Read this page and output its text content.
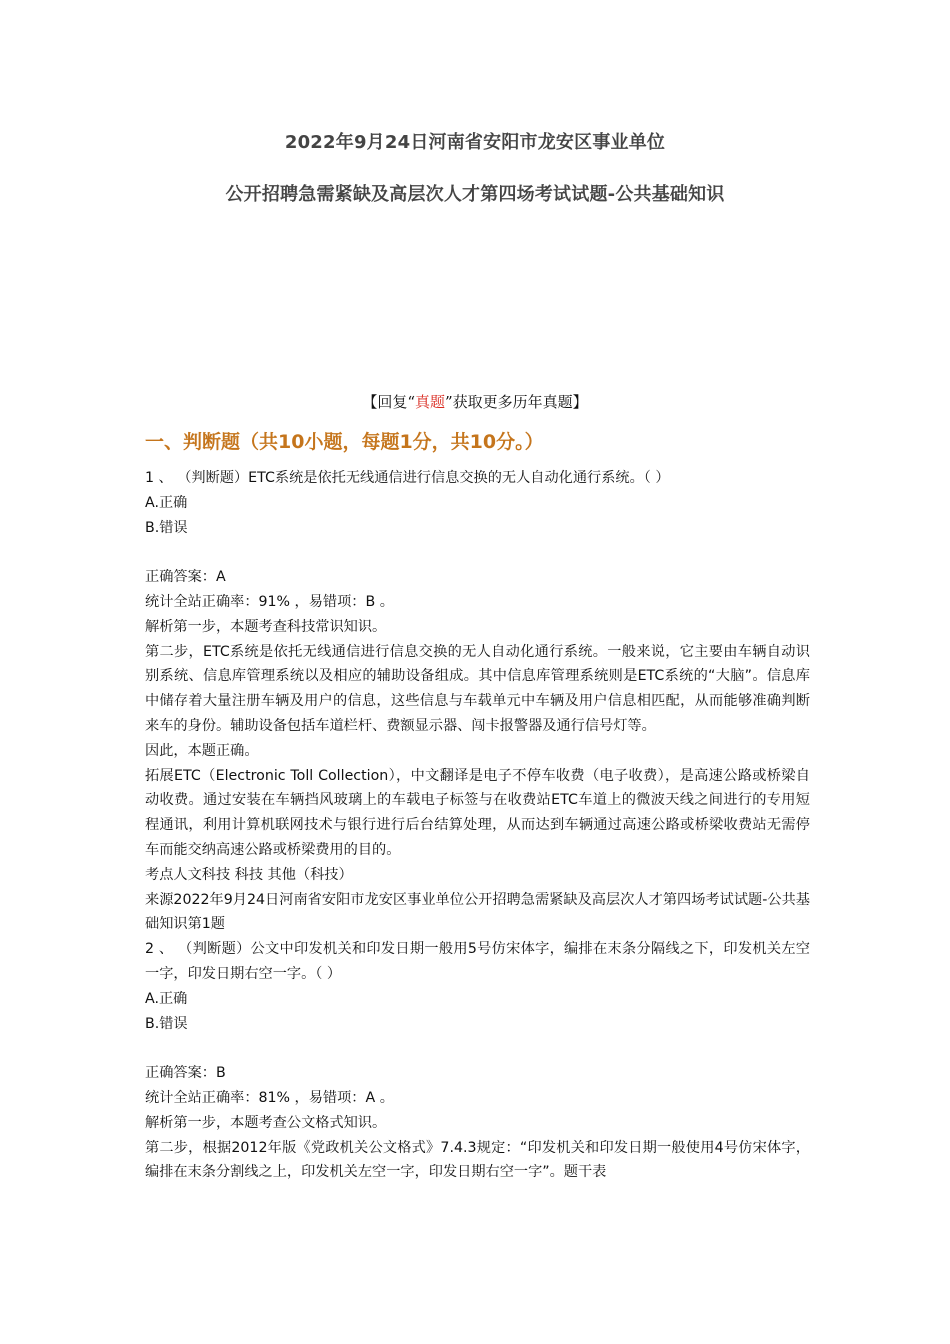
2022年9月24日河南省安阳市龙安区事业单位
公开招聘急需紧缺及高层次人才第四场考试试题-公共基础知识
【回复“真题”获取更多历年真题】
一、判断题（共10小题，每题1分，共10分。）

1 、 （判断题）ETC系统是依托无线通信进行信息交换的无人自动化通行系统。（ ）

A.正确

B.错误

正确答案：A

统计全站正确率：91% ，易错项：B 。

解析第一步，本题考查科技常识知识。

第二步，ETC系统是依托无线通信进行信息交换的无人自动化通行系统。一般来说，它主要由车辆自动识别系统、信息库管理系统以及相应的辅助设备组成。其中信息库管理系统则是ETC系统的“大脑”。信息库中储存着大量注册车辆及用户的信息，这些信息与车载单元中车辆及用户信息相匹配，从而能够准确判断来车的身份。辅助设备包括车道栏杆、费额显示器、闯卡报警器及通行信号灯等。

因此，本题正确。

拓展ETC（Electronic Toll Collection），中文翻译是电子不停车收费（电子收费），是高速公路或桥梁自动收费。通过安装在车辆挡风玻璃上的车载电子标签与在收费站ETC车道上的微波天线之间进行的专用短程通讯，利用计算机联网技术与银行进行后台结算处理，从而达到车辆通过高速公路或桥梁收费站无需停车而能交纳高速公路或桥梁费用的目的。

考点人文科技 科技 其他（科技）

来源2022年9月24日河南省安阳市龙安区事业单位公开招聘急需紧缺及高层次人才第四场考试试题-公共基础知识第1题

2 、 （判断题）公文中印发机关和印发日期一般用5号仿宋体字，编排在末条分隔线之下，印发机关左空一字，印发日期右空一字。（ ）

A.正确

B.错误

正确答案：B

统计全站正确率：81% ，易错项：A 。

解析第一步，本题考查公文格式知识。

第二步，根据2012年版《党政机关公文格式》7.4.3规定：“印发机关和印发日期一般使用4号仿宋体字，编排在末条分割线之上，印发机关左空一字，印发日期右空一字”。题干表
